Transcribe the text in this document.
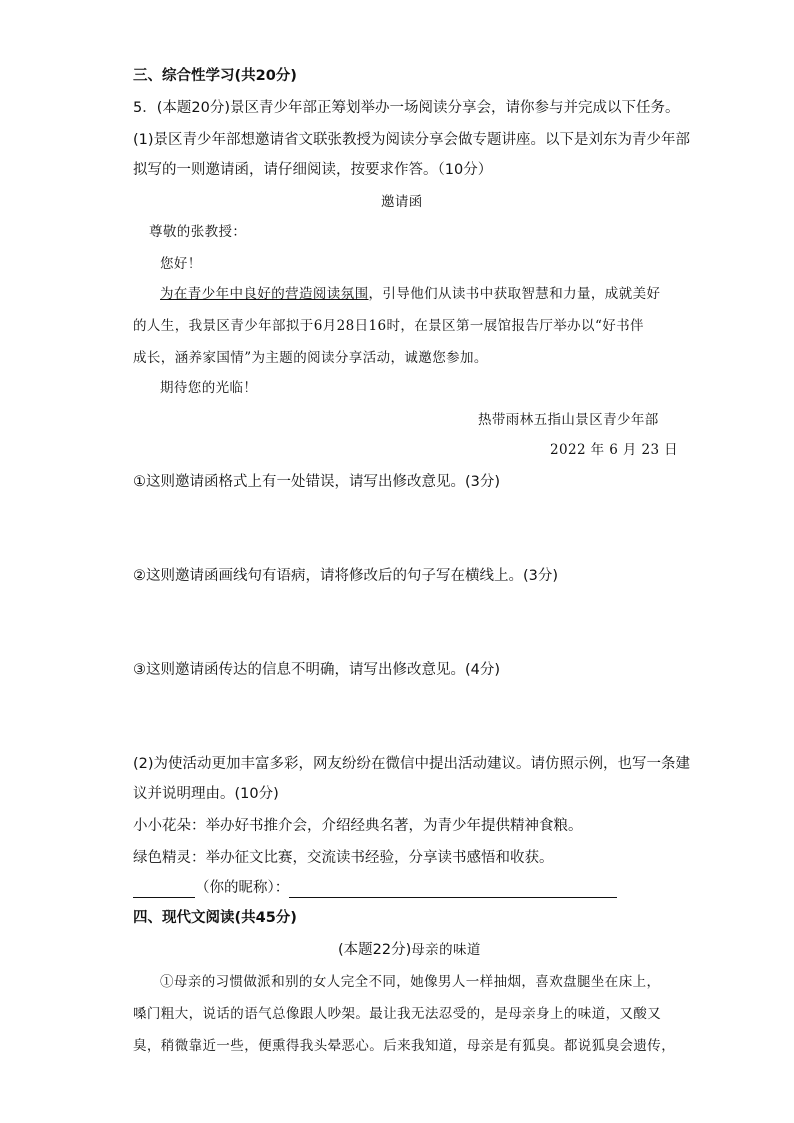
三、综合性学习(共20分)
5．(本题20分)景区青少年部正筹划举办一场阅读分享会，请你参与并完成以下任务。
(1)景区青少年部想邀请省文联张教授为阅读分享会做专题讲座。以下是刘东为青少年部
拟写的一则邀请函，请仔细阅读，按要求作答。（10分）
邀请函
尊敬的张教授：
您好！
为在青少年中良好的营造阅读氛围，引导他们从读书中获取智慧和力量，成就美好
的人生，我景区青少年部拟于6月28日16时，在景区第一展馆报告厅举办以“好书伴
成长，涵养家国情”为主题的阅读分享活动，诚邀您参加。
期待您的光临！
热带雨林五指山景区青少年部
2022 年 6 月 23 日
①这则邀请函格式上有一处错误，请写出修改意见。(3分)
②这则邀请函画线句有语病，请将修改后的句子写在横线上。(3分)
③这则邀请函传达的信息不明确，请写出修改意见。(4分)
(2)为使活动更加丰富多彩，网友纷纷在微信中提出活动建议。请仿照示例，也写一条建
议并说明理由。(10分)
小小花朵：举办好书推介会，介绍经典名著，为青少年提供精神食粮。
绿色精灵：举办征文比赛，交流读书经验，分享读书感悟和收获。
（你的昵称）：
四、现代文阅读(共45分)
(本题22分)母亲的味道
①母亲的习惯做派和别的女人完全不同，她像男人一样抽烟，喜欢盘腿坐在床上，
嗓门粗大，说话的语气总像跟人吵架。最让我无法忍受的，是母亲身上的味道，又酸又
臭，稍微靠近一些，便熏得我头晕恶心。后来我知道，母亲是有狐臭。都说狐臭会遗传，
